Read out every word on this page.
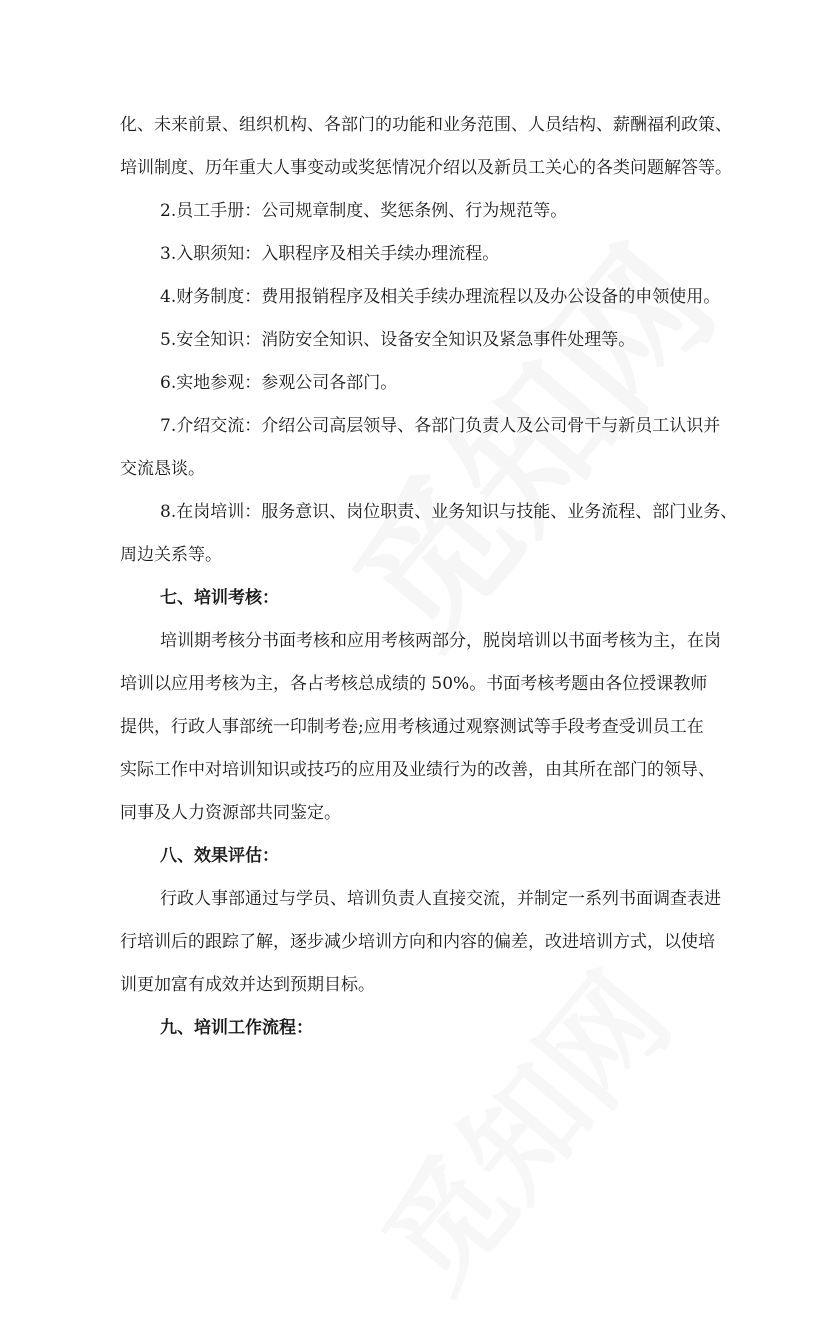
化、未来前景、组织机构、各部门的功能和业务范围、人员结构、薪酬福利政策、
培训制度、历年重大人事变动或奖惩情况介绍以及新员工关心的各类问题解答等。
2.员工手册：公司规章制度、奖惩条例、行为规范等。
3.入职须知：入职程序及相关手续办理流程。
4.财务制度：费用报销程序及相关手续办理流程以及办公设备的申领使用。
5.安全知识：消防安全知识、设备安全知识及紧急事件处理等。
6.实地参观：参观公司各部门。
7.介绍交流：介绍公司高层领导、各部门负责人及公司骨干与新员工认识并
交流恳谈。
8.在岗培训：服务意识、岗位职责、业务知识与技能、业务流程、部门业务、
周边关系等。
七、培训考核：
培训期考核分书面考核和应用考核两部分，脱岗培训以书面考核为主，在岗
培训以应用考核为主，各占考核总成绩的 50%。书面考核考题由各位授课教师
提供，行政人事部统一印制考卷;应用考核通过观察测试等手段考查受训员工在
实际工作中对培训知识或技巧的应用及业绩行为的改善，由其所在部门的领导、
同事及人力资源部共同鉴定。
八、效果评估：
行政人事部通过与学员、培训负责人直接交流，并制定一系列书面调查表进
行培训后的跟踪了解，逐步减少培训方向和内容的偏差，改进培训方式，以使培
训更加富有成效并达到预期目标。
九、培训工作流程：
